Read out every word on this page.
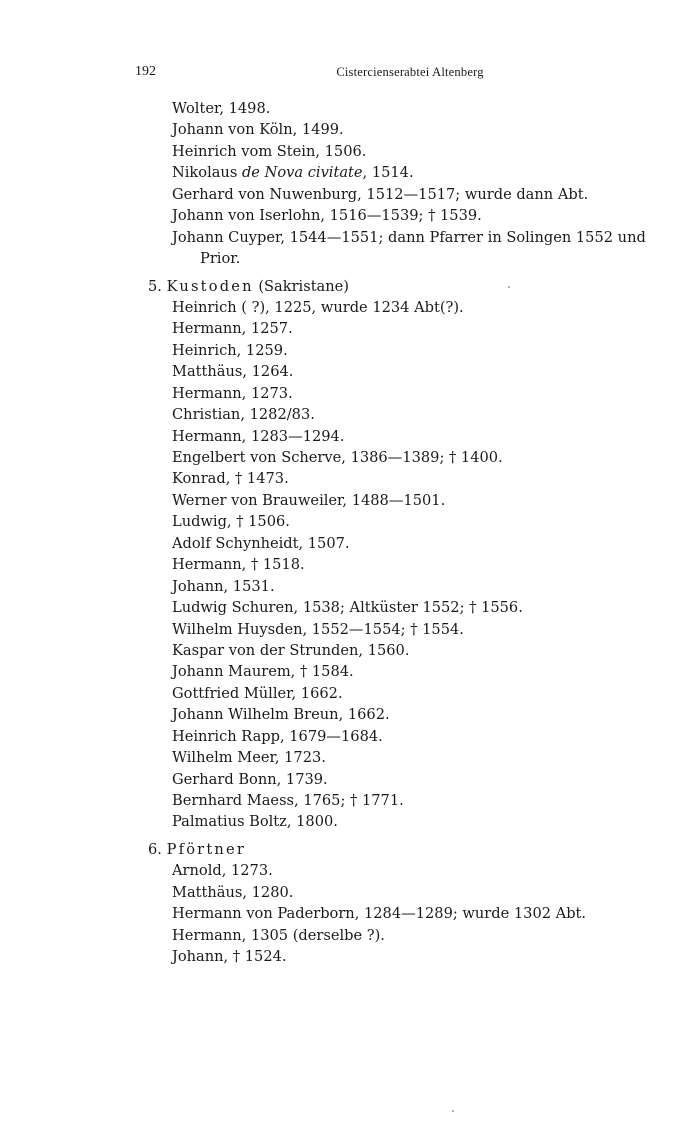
192	Cistercienserabtei Altenberg
Wolter, 1498.
Johann von Köln, 1499.
Heinrich vom Stein, 1506.
Nikolaus de Nova civitate, 1514.
Gerhard von Nuwenburg, 1512—1517; wurde dann Abt.
Johann von Iserlohn, 1516—1539; † 1539.
Johann Cuyper, 1544—1551; dann Pfarrer in Solingen 1552 und
Prior.
5. Kustoden (Sakristane)
Heinrich ( ?), 1225, wurde 1234 Abt(?).
Hermann, 1257.
Heinrich, 1259.
Matthäus, 1264.
Hermann, 1273.
Christian, 1282/83.
Hermann, 1283—1294.
Engelbert von Scherve, 1386—1389; † 1400.
Konrad, † 1473.
Werner von Brauweiler, 1488—1501.
Ludwig, † 1506.
Adolf Schynheidt, 1507.
Hermann, † 1518.
Johann, 1531.
Ludwig Schuren, 1538; Altküster 1552; † 1556.
Wilhelm Huysden, 1552—1554; † 1554.
Kaspar von der Strunden, 1560.
Johann Maurem, † 1584.
Gottfried Müller, 1662.
Johann Wilhelm Breun, 1662.
Heinrich Rapp, 1679—1684.
Wilhelm Meer, 1723.
Gerhard Bonn, 1739.
Bernhard Maess, 1765; † 1771.
Palmatius Boltz, 1800.
6. Pförtner
Arnold, 1273.
Matthäus, 1280.
Hermann von Paderborn, 1284—1289; wurde 1302 Abt.
Hermann, 1305 (derselbe ?).
Johann, † 1524.
